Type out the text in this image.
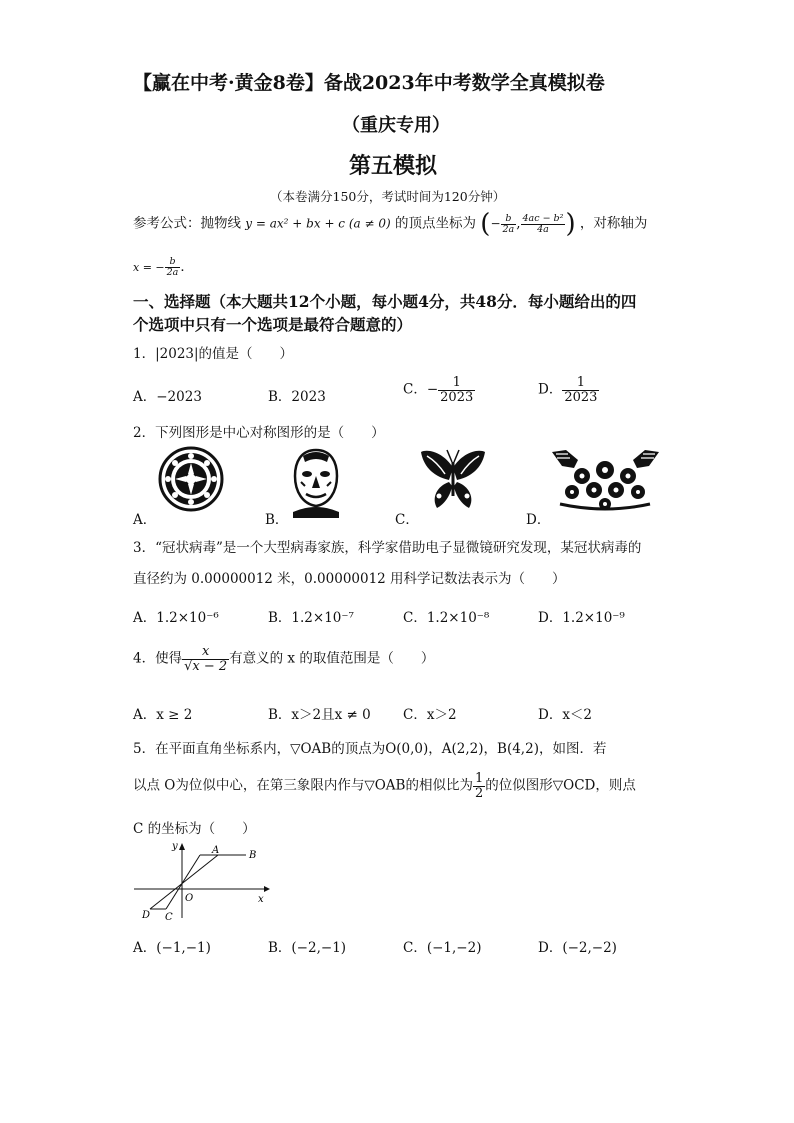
【赢在中考·黄金8卷】备战2023年中考数学全真模拟卷
（重庆专用）
第五模拟
（本卷满分150分，考试时间为120分钟）
参考公式：抛物线 y = ax² + bx + c (a ≠ 0) 的顶点坐标为 (− $\frac{b}{2a}$ , $\frac{\text{4ac − b²}}{4a}$ ) ，对称轴为
x = − $\frac{b}{2a}$ ．
一、选择题（本大题共12个小题，每小题4分，共48分．每小题给出的四
个选项中只有一个选项是最符合题意的）
1．|2023|的值是（　　）
A．−2023	B．2023	C．− $\frac{1}{2023}$	D． $\frac{1}{2023}$
2．下列图形是中心对称图形的是（　　）
A．	B．	C．	D．
3．“冠状病毒”是一个大型病毒家族，科学家借助电子显微镜研究发现，某冠状病毒的
直径约为 0.00000012 米，0.00000012 用科学记数法表示为（　　）
A．1.2×10⁻⁶	B．1.2×10⁻⁷	C．1.2×10⁻⁸	D．1.2×10⁻⁹
4．使得 $\frac{x}{√x - 2}$ 有意义的 x 的取值范围是（　　）
A．x ≥ 2	B．x＞2且x ≠ 0 C．x＞2	D．x＜2
5．在平面直角坐标系内，▽OAB的顶点为O(0,0)，A(2,2)，B(4,2)，如图．若
以点 O为位似中心，在第三象限内作与▽OAB的相似比为 $\frac{1}{2}$ 的位似图形▽OCD，则点
C 的坐标为（　　）
y
x
A	B
O
C
D
A．(−1,−1)	B．(−2,−1)	C．(−1,−2)	D．(−2,−2)
